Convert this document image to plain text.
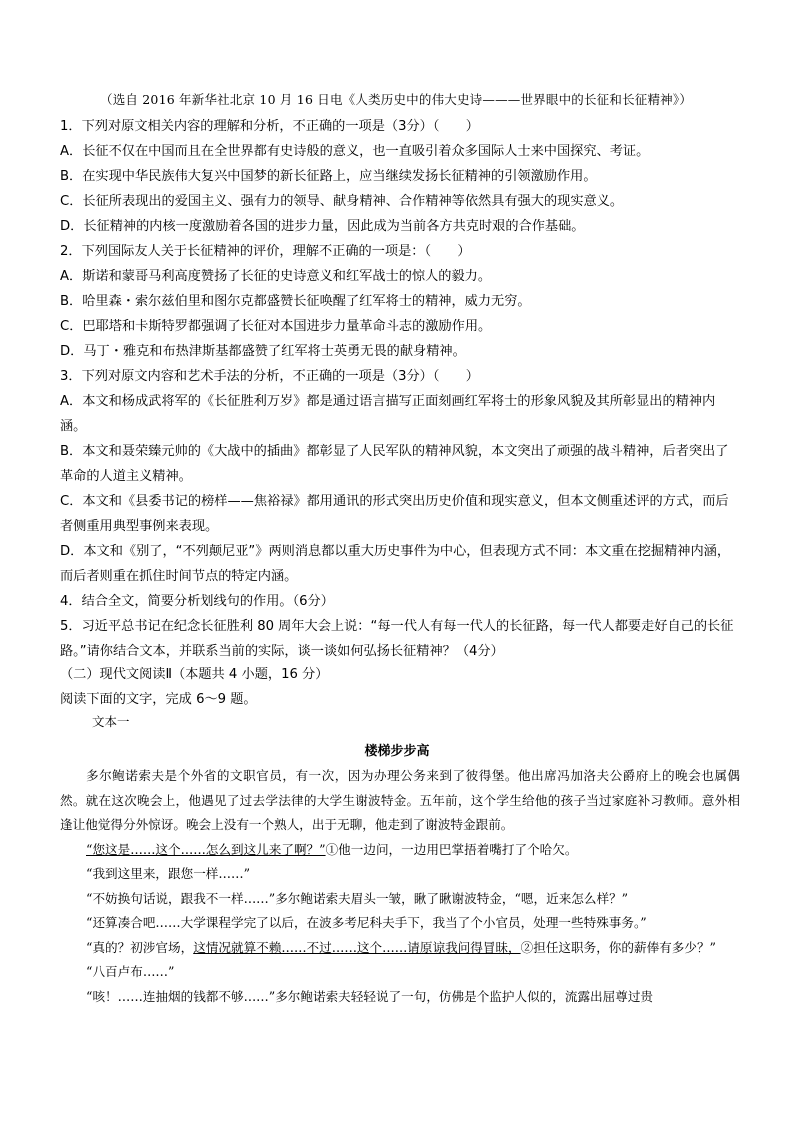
（选自 2016 年新华社北京 10 月 16 日电《人类历史中的伟大史诗———世界眼中的长征和长征精神》）

1．下列对原文相关内容的理解和分析，不正确的一项是（3分）（　　）

A．长征不仅在中国而且在全世界都有史诗般的意义，也一直吸引着众多国际人士来中国探究、考证。

B．在实现中华民族伟大复兴中国梦的新长征路上，应当继续发扬长征精神的引领激励作用。

C．长征所表现出的爱国主义、强有力的领导、献身精神、合作精神等依然具有强大的现实意义。

D．长征精神的内核一度激励着各国的进步力量，因此成为当前各方共克时艰的合作基础。

2．下列国际友人关于长征精神的评价，理解不正确的一项是：（　　）

A．斯诺和蒙哥马利高度赞扬了长征的史诗意义和红军战士的惊人的毅力。

B．哈里森・索尔兹伯里和图尔克都盛赞长征唤醒了红军将士的精神，威力无穷。

C．巴耶塔和卡斯特罗都强调了长征对本国进步力量革命斗志的激励作用。

D．马丁・雅克和布热津斯基都盛赞了红军将士英勇无畏的献身精神。

3．下列对原文内容和艺术手法的分析，不正确的一项是（3分）（　　）

A．本文和杨成武将军的《长征胜利万岁》都是通过语言描写正面刻画红军将士的形象风貌及其所彰显出的精神内涵。

B．本文和聂荣臻元帅的《大战中的插曲》都彰显了人民军队的精神风貌，本文突出了顽强的战斗精神，后者突出了革命的人道主义精神。

C．本文和《县委书记的榜样——焦裕禄》都用通讯的形式突出历史价值和现实意义，但本文侧重述评的方式，而后者侧重用典型事例来表现。

D．本文和《别了，“不列颠尼亚”》两则消息都以重大历史事件为中心，但表现方式不同：本文重在挖掘精神内涵，而后者则重在抓住时间节点的特定内涵。

4．结合全文，简要分析划线句的作用。（6分）

5．习近平总书记在纪念长征胜利 80 周年大会上说：“每一代人有每一代人的长征路，每一代人都要走好自己的长征路。”请你结合文本，并联系当前的实际，谈一谈如何弘扬长征精神？（4分）

（二）现代文阅读Ⅱ（本题共 4 小题，16 分）

阅读下面的文字，完成 6～9 题。

文本一
楼梯步步高

多尔鲍诺索夫是个外省的文职官员，有一次，因为办理公务来到了彼得堡。他出席冯加洛夫公爵府上的晚会也属偶然。就在这次晚会上，他遇见了过去学法律的大学生谢波特金。五年前，这个学生给他的孩子当过家庭补习教师。意外相逢让他觉得分外惊讶。晚会上没有一个熟人，出于无聊，他走到了谢波特金跟前。

“您这是……这个……怎么到这儿来了啊？”①他一边问，一边用巴掌捂着嘴打了个哈欠。

“我到这里来，跟您一样……”

“不妨换句话说，跟我不一样……”多尔鲍诺索夫眉头一皱，瞅了瞅谢波特金，“嗯，近来怎么样？”

“还算凑合吧……大学课程学完了以后，在波多考尼科夫手下，我当了个小官员，处理一些特殊事务。”

“真的？初涉官场，这情况就算不赖……不过……这个……请原谅我问得冒昧，②担任这职务，你的薪俸有多少？”

“八百卢布……”

“咳！……连抽烟的钱都不够……”多尔鲍诺索夫轻轻说了一句，仿佛是个监护人似的，流露出屈尊过贵
